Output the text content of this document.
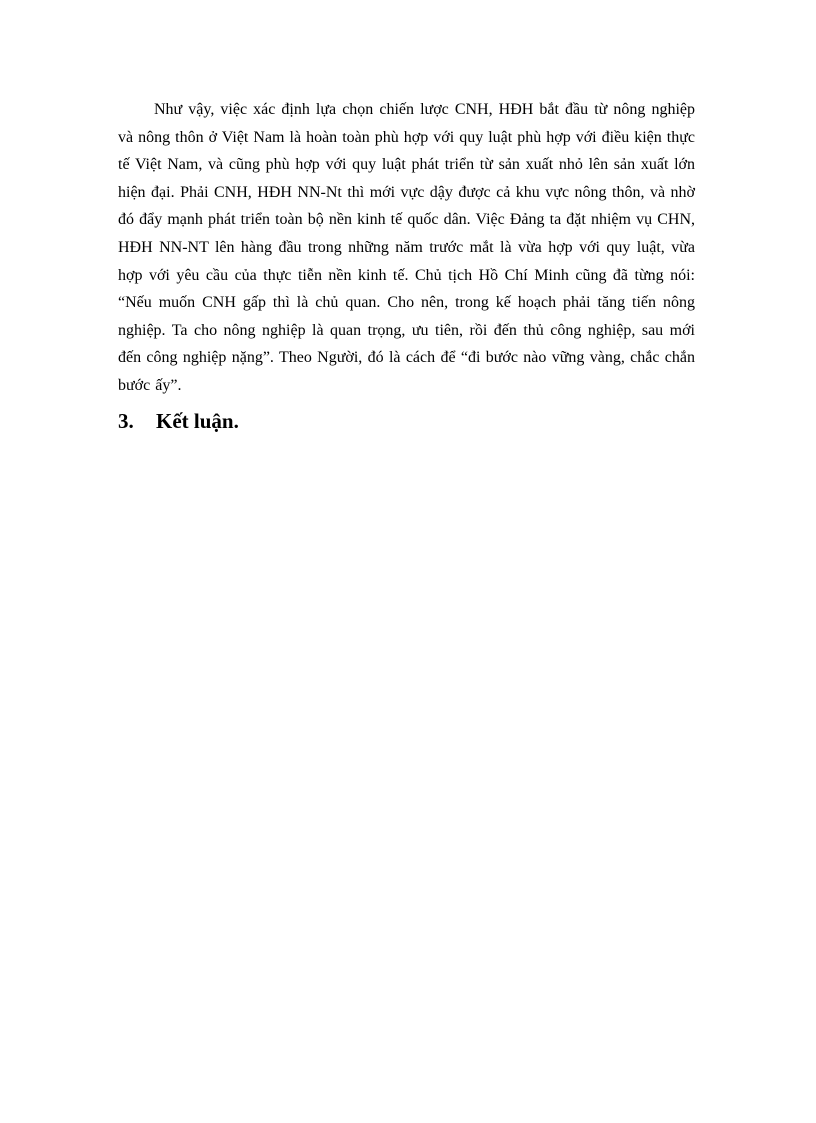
Như vậy, việc xác định lựa chọn chiến lược CNH, HĐH bắt đầu từ nông nghiệp và nông thôn ở Việt Nam là hoàn toàn phù hợp với quy luật phù hợp với điều kiện thực tế Việt Nam, và cũng phù hợp với quy luật phát triển từ sản xuất nhỏ lên sản xuất lớn hiện đại. Phải CNH, HĐH NN-Nt thì mới vực dậy được cả khu vực nông thôn, và nhờ đó đẩy mạnh phát triển toàn bộ nền kinh tế quốc dân. Việc Đảng ta đặt nhiệm vụ CHN, HĐH NN-NT lên hàng đầu trong những năm trước mắt là vừa hợp với quy luật, vừa hợp với yêu cầu của thực tiễn nền kinh tế. Chủ tịch Hồ Chí Minh cũng đã từng nói: “Nếu muốn CNH gấp thì là chủ quan. Cho nên, trong kế hoạch phải tăng tiến nông nghiệp. Ta cho nông nghiệp là quan trọng, ưu tiên, rồi đến thủ công nghiệp, sau mới đến công nghiệp nặng”. Theo Người, đó là cách để “đi bước nào vững vàng, chắc chắn bước ấy”.

3.	Kết luận.
